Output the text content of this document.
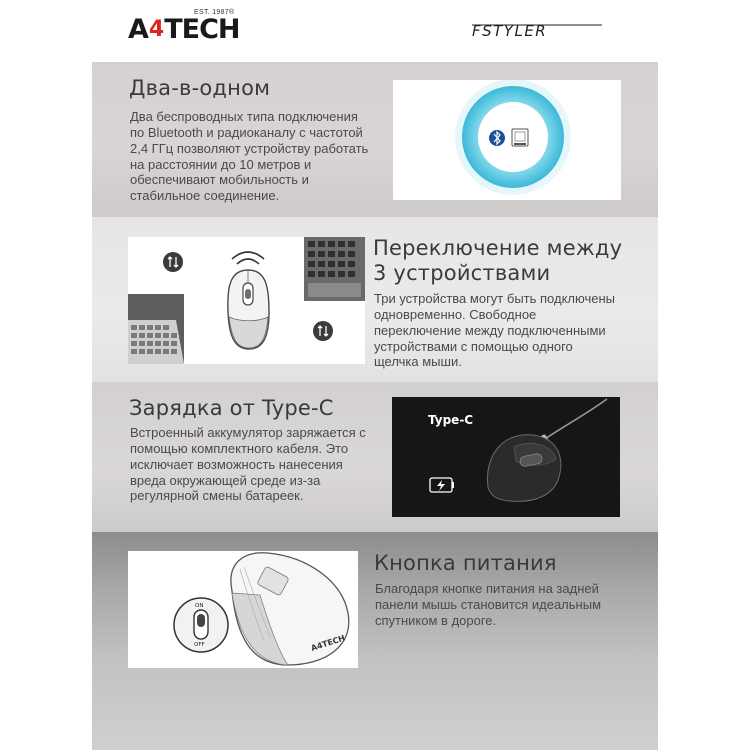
A4TECH
EST. 1987®
FSTYLER
Два-в-одном
Два беспроводных типа подключения
по Bluetooth и радиоканалу с частотой
2,4 ГГц позволяют устройству работать
на расстоянии до 10 метров и
обеспечивают мобильность и
стабильное соединение.
Переключение между
3 устройствами
Три устройства могут быть подключены
одновременно. Свободное
переключение между подключенными
устройствами с помощью одного
щелчка мыши.
Зарядка от Type-C
Встроенный аккумулятор заряжается с
помощью комплектного кабеля. Это
исключает возможность нанесения
вреда окружающей среде из-за
регулярной смены батареек.
Type-C
A4TECH
ON
OFF
Кнопка питания
Благодаря кнопке питания на задней
панели мышь становится идеальным
спутником в дороге.
